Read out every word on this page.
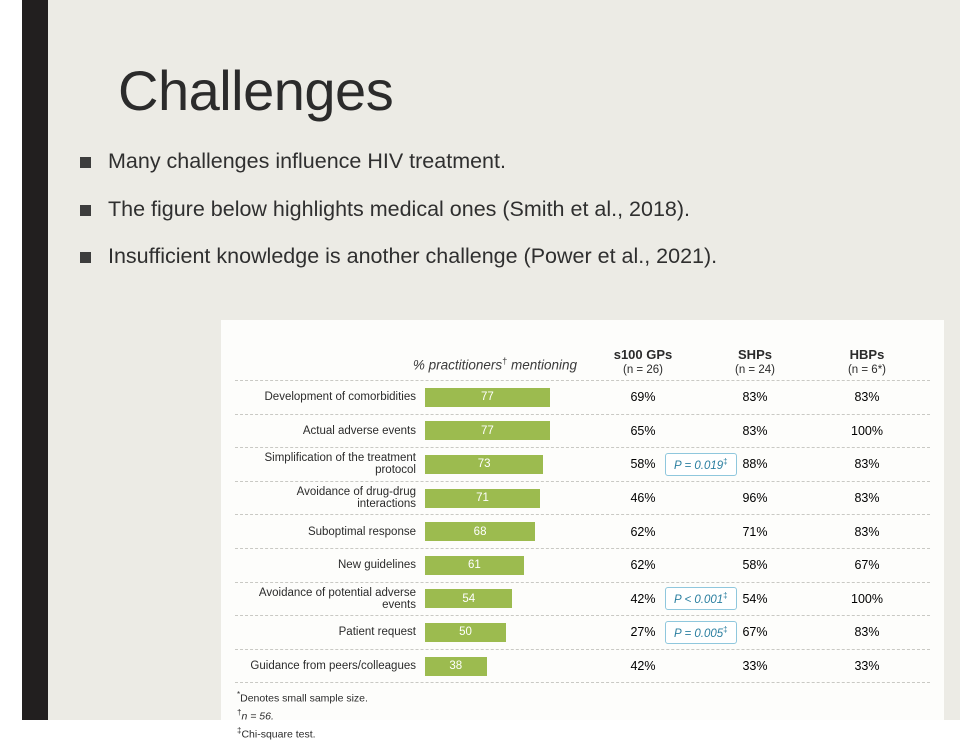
Challenges
Many challenges influence HIV treatment.
The figure below highlights medical ones (Smith et al., 2018).
Insufficient knowledge is another challenge (Power et al., 2021).
% practitioners† mentioning
s100 GPs
(n = 26)
SHPs
(n = 24)
HBPs
(n = 6*)
Development of comorbidities	77	69%	83%	83%
Actual adverse events	77	65%	83%	100%
Simplification of the treatment protocol	73	58%	P = 0.019‡	88%	83%
Avoidance of drug-drug interactions	71	46%	96%	83%
Suboptimal response	68	62%	71%	83%
New guidelines	61	62%	58%	67%
Avoidance of potential adverse events	54	42%	P < 0.001‡	54%	100%
Patient request	50	27%	P = 0.005‡	67%	83%
Guidance from peers/colleagues	38	42%	33%	33%
*Denotes small sample size.
†n = 56.
‡Chi-square test.
